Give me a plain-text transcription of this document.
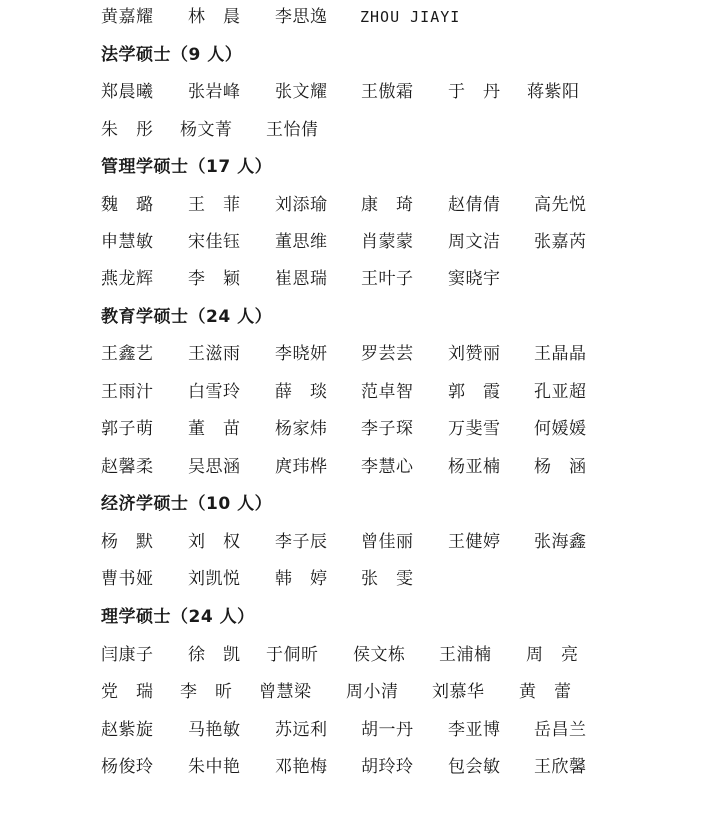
黄嘉耀 林　晨 李思逸 ZHOU JIAYI
法学硕士（9 人）
郑晨曦 张岩峰 张文耀 王傲霜 于　丹 蒋紫阳
朱　彤 杨文菁 王怡倩
管理学硕士（17 人）
魏　璐 王　菲 刘添瑜 康　琦 赵倩倩 高先悦
申慧敏 宋佳钰 董思维 肖蒙蒙 周文洁 张嘉芮
燕龙辉 李　颖 崔恩瑞 王叶子 窦晓宇
教育学硕士（24 人）
王鑫艺 王滋雨 李晓妍 罗芸芸 刘赞丽 王晶晶
王雨汁 白雪玲 薛　琰 范卓智 郭　霞 孔亚超
郭子萌 董　苗 杨家炜 李子琛 万斐雪 何媛媛
赵馨柔 吴思涵 庹玮桦 李慧心 杨亚楠 杨　涵
经济学硕士（10 人）
杨　默 刘　权 李子辰 曾佳丽 王健婷 张海鑫
曹书娅 刘凯悦 韩　婷 张　雯
理学硕士（24 人）
闫康子 徐　凯 于侗昕 侯文栋 王浦楠 周　亮
党　瑞 李　昕 曾慧梁 周小清 刘慕华 黄　蕾
赵紫旋 马艳敏 苏远利 胡一丹 李亚博 岳昌兰
杨俊玲 朱中艳 邓艳梅 胡玲玲 包会敏 王欣馨
